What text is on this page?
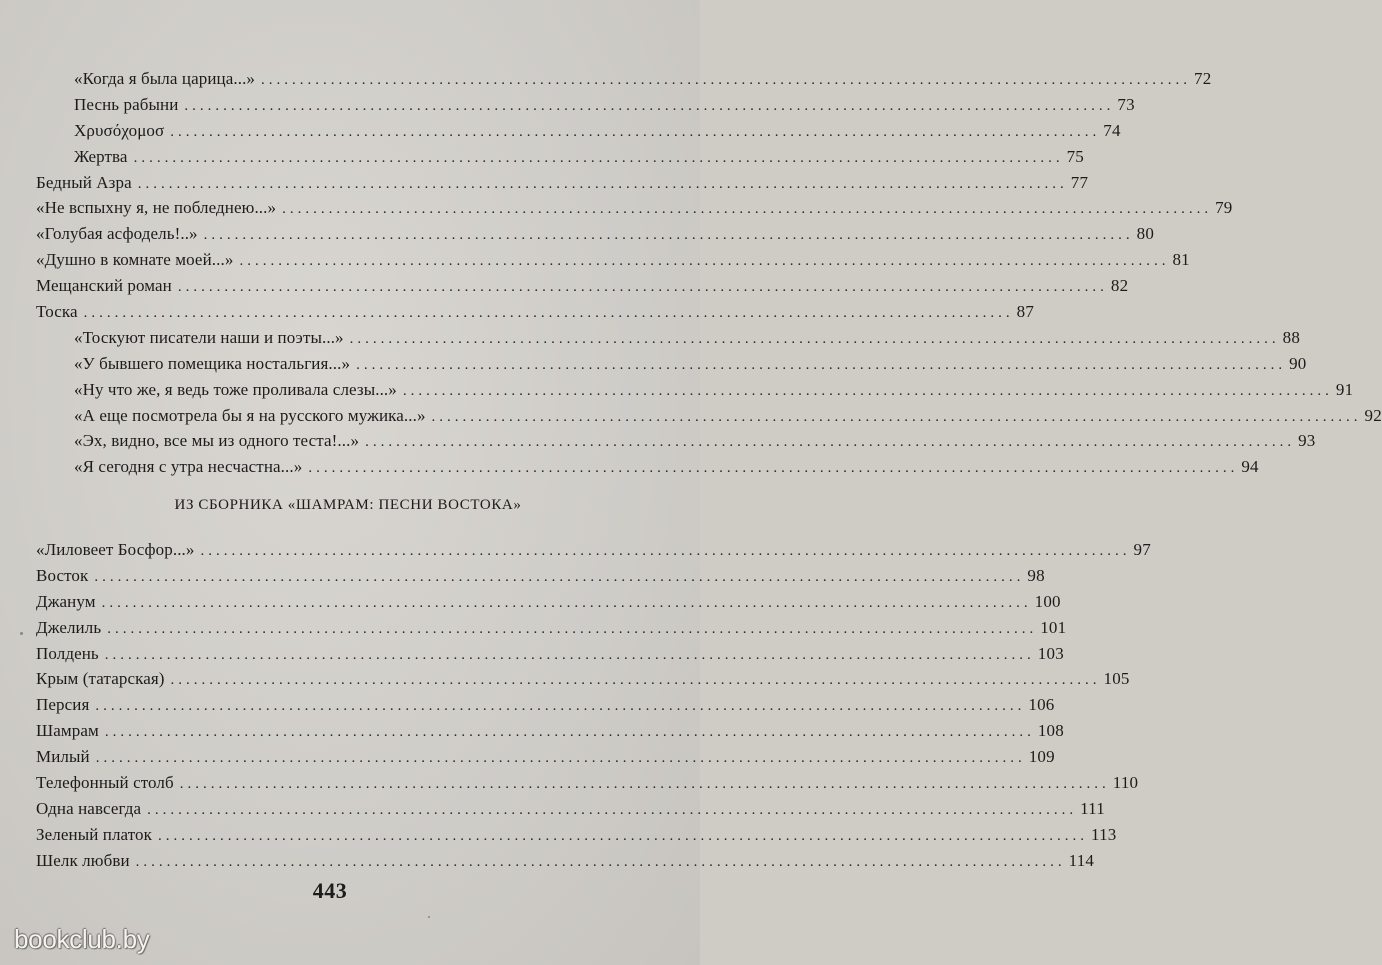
«Когда я была царица...» ........................................................................................................................ 72
Песнь рабыни ........................................................................................................................ 73
Χρυσόχομοσ ........................................................................................................................ 74
Жертва ........................................................................................................................ 75
Бедный Азра ........................................................................................................................ 77
«Не вспыхну я, не побледнею...» ........................................................................................................................ 79
«Голубая асфодель!..» ........................................................................................................................ 80
«Душно в комнате моей...» ........................................................................................................................ 81
Мещанский роман ........................................................................................................................ 82
Тоска ........................................................................................................................ 87
«Тоскуют писатели наши и поэты...» ........................................................................................................................ 88
«У бывшего помещика ностальгия...» ........................................................................................................................ 90
«Ну что же, я ведь тоже проливала слезы...» ........................................................................................................................ 91
«А еще посмотрела бы я на русского мужика...» ........................................................................................................................ 92
«Эх, видно, все мы из одного теста!...» ........................................................................................................................ 93
«Я сегодня с утра несчастна...» ........................................................................................................................ 94
ИЗ СБОРНИКА «ШАМРАМ: ПЕСНИ ВОСТОКА»
«Лиловеет Босфор...» ........................................................................................................................ 97
Восток ........................................................................................................................ 98
Джанум ........................................................................................................................ 100
Джелиль ........................................................................................................................ 101
Полдень ........................................................................................................................ 103
Крым (татарская) ........................................................................................................................ 105
Персия ........................................................................................................................ 106
Шамрам ........................................................................................................................ 108
Милый ........................................................................................................................ 109
Телефонный столб ........................................................................................................................ 110
Одна навсегда ........................................................................................................................ 111
Зеленый платок ........................................................................................................................ 113
Шелк любви ........................................................................................................................ 114
443
bookclub.by
